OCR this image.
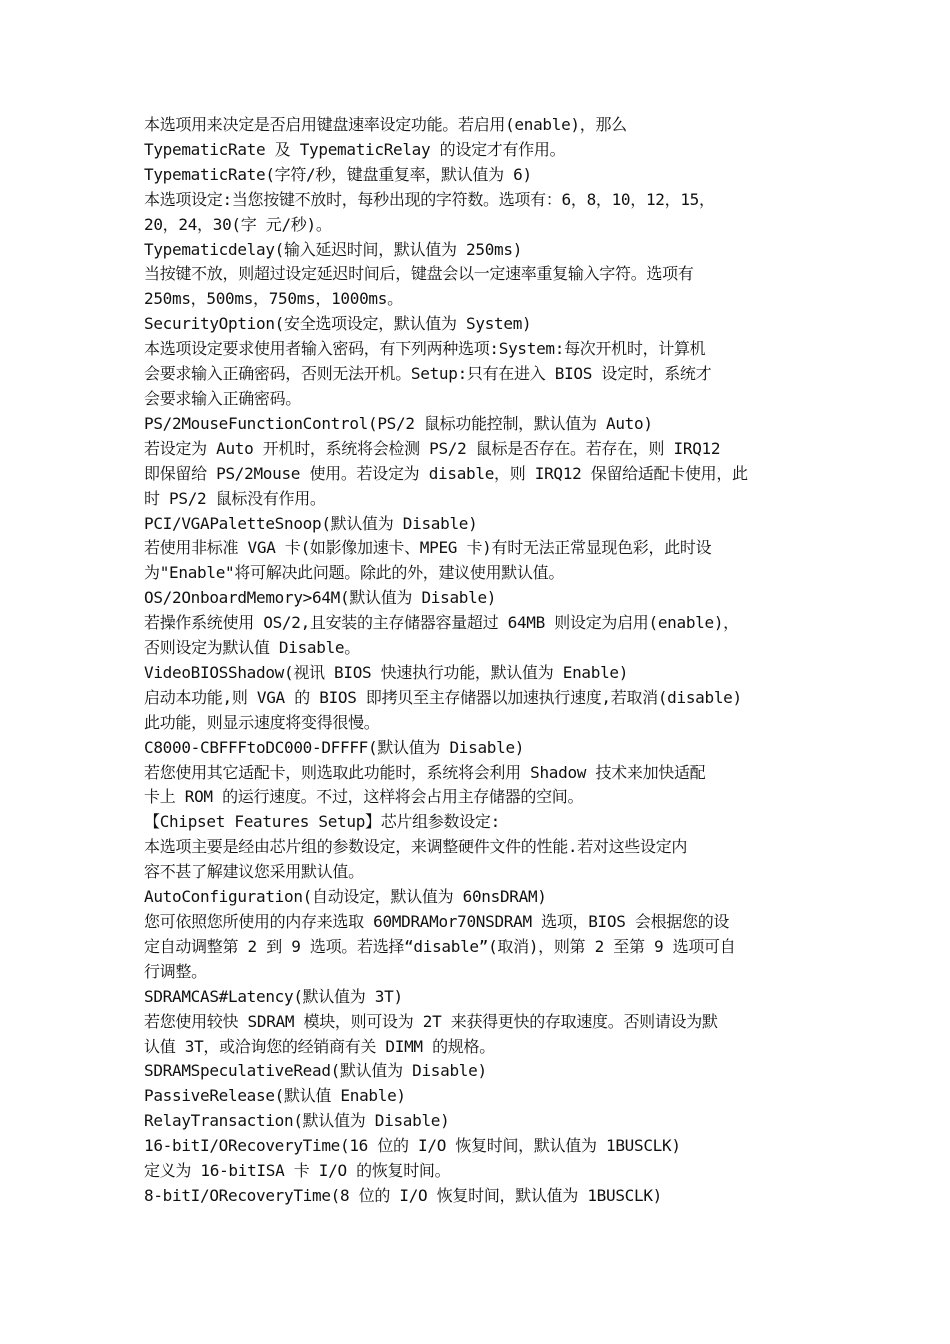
本选项用来决定是否启用键盘速率设定功能。若启用(enable)，那么
TypematicRate 及 TypematicRelay 的设定才有作用。
TypematicRate(字符/秒，键盘重复率，默认值为 6)
本选项设定:当您按键不放时，每秒出现的字符数。选项有：6，8，10，12，15，
20，24，30(字 元/秒)。
Typematicdelay(输入延迟时间，默认值为 250ms)
当按键不放，则超过设定延迟时间后，键盘会以一定速率重复输入字符。选项有
250ms，500ms，750ms，1000ms。
SecurityOption(安全选项设定，默认值为 System)
本选项设定要求使用者输入密码，有下列两种选项:System:每次开机时，计算机
会要求输入正确密码，否则无法开机。Setup:只有在进入 BIOS 设定时，系统才
会要求输入正确密码。
PS/2MouseFunctionControl(PS/2 鼠标功能控制，默认值为 Auto)
若设定为 Auto 开机时，系统将会检测 PS/2 鼠标是否存在。若存在，则 IRQ12
即保留给 PS/2Mouse 使用。若设定为 disable，则 IRQ12 保留给适配卡使用，此
时 PS/2 鼠标没有作用。
PCI/VGAPaletteSnoop(默认值为 Disable)
若使用非标准 VGA 卡(如影像加速卡、MPEG 卡)有时无法正常显现色彩，此时设
为"Enable"将可解决此问题。除此的外，建议使用默认值。
OS/2OnboardMemory>64M(默认值为 Disable)
若操作系统使用 OS/2,且安装的主存储器容量超过 64MB 则设定为启用(enable)，
否则设定为默认值 Disable。
VideoBIOSShadow(视讯 BIOS 快速执行功能，默认值为 Enable)
启动本功能,则 VGA 的 BIOS 即拷贝至主存储器以加速执行速度,若取消(disable)
此功能，则显示速度将变得很慢。
C8000-CBFFFtoDC000-DFFFF(默认值为 Disable)
若您使用其它适配卡，则选取此功能时，系统将会利用 Shadow 技术来加快适配
卡上 ROM 的运行速度。不过，这样将会占用主存储器的空间。
【Chipset Features Setup】芯片组参数设定:
本选项主要是经由芯片组的参数设定，来调整硬件文件的性能.若对这些设定内
容不甚了解建议您采用默认值。
AutoConfiguration(自动设定，默认值为 60nsDRAM)
您可依照您所使用的内存来选取 60MDRAMor70NSDRAM 选项，BIOS 会根据您的设
定自动调整第 2 到 9 选项。若选择“disable”(取消)，则第 2 至第 9 选项可自
行调整。
SDRAMCAS#Latency(默认值为 3T)
若您使用较快 SDRAM 模块，则可设为 2T 来获得更快的存取速度。否则请设为默
认值 3T，或洽询您的经销商有关 DIMM 的规格。
SDRAMSpeculativeRead(默认值为 Disable)
PassiveRelease(默认值 Enable)
RelayTransaction(默认值为 Disable)
16-bitI/ORecoveryTime(16 位的 I/O 恢复时间，默认值为 1BUSCLK)
定义为 16-bitISA 卡 I/O 的恢复时间。
8-bitI/ORecoveryTime(8 位的 I/O 恢复时间，默认值为 1BUSCLK)
